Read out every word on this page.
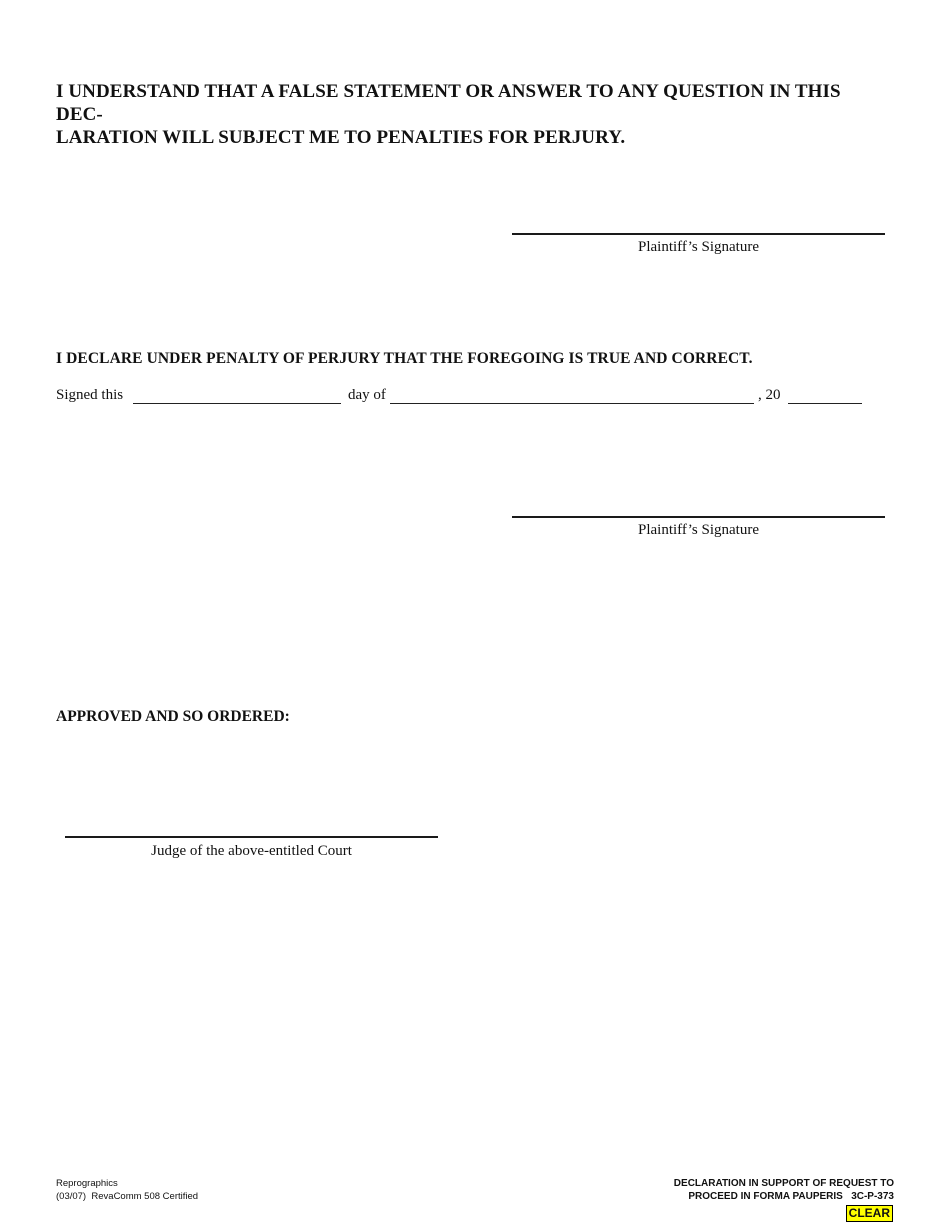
I UNDERSTAND THAT A FALSE STATEMENT OR ANSWER TO ANY QUESTION IN THIS DEC-
LARATION WILL SUBJECT ME TO PENALTIES FOR PERJURY.
Plaintiff’s Signature
I DECLARE UNDER PENALTY OF PERJURY THAT THE FOREGOING IS TRUE AND CORRECT.
Signed this	day of	, 20
Plaintiff’s Signature
APPROVED AND SO ORDERED:
Judge of the above-entitled Court
Reprographics
(03/07) RevaComm 508 Certified
DECLARATION IN SUPPORT OF REQUEST TO
PROCEED IN FORMA PAUPERIS 3C-P-373
CLEAR
